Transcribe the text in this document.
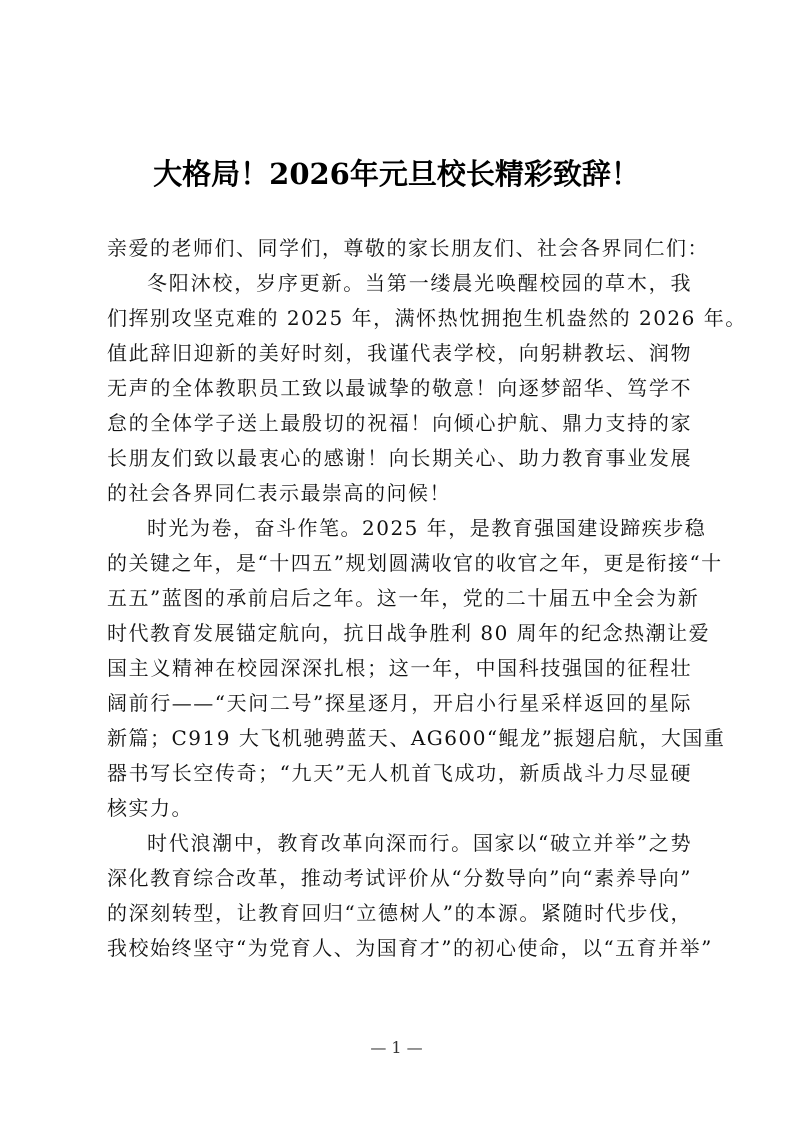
大格局！2026年元旦校长精彩致辞！
亲爱的老师们、同学们，尊敬的家长朋友们、社会各界同仁们：
冬阳沐校，岁序更新。当第一缕晨光唤醒校园的草木，我
们挥别攻坚克难的 2025 年，满怀热忱拥抱生机盎然的 2026 年。
值此辞旧迎新的美好时刻，我谨代表学校，向躬耕教坛、润物
无声的全体教职员工致以最诚挚的敬意！向逐梦韶华、笃学不
怠的全体学子送上最殷切的祝福！向倾心护航、鼎力支持的家
长朋友们致以最衷心的感谢！向长期关心、助力教育事业发展
的社会各界同仁表示最崇高的问候！
时光为卷，奋斗作笔。2025 年，是教育强国建设蹄疾步稳
的关键之年，是“十四五”规划圆满收官的收官之年，更是衔接“十
五五”蓝图的承前启后之年。这一年，党的二十届五中全会为新
时代教育发展锚定航向，抗日战争胜利 80 周年的纪念热潮让爱
国主义精神在校园深深扎根；这一年，中国科技强国的征程壮
阔前行——“天问二号”探星逐月，开启小行星采样返回的星际
新篇；C919 大飞机驰骋蓝天、AG600“鲲龙”振翅启航，大国重
器书写长空传奇；“九天”无人机首飞成功，新质战斗力尽显硬
核实力。
时代浪潮中，教育改革向深而行。国家以“破立并举”之势
深化教育综合改革，推动考试评价从“分数导向”向“素养导向”
的深刻转型，让教育回归“立德树人”的本源。紧随时代步伐，
我校始终坚守“为党育人、为国育才”的初心使命，以“五育并举”
— 1 —
